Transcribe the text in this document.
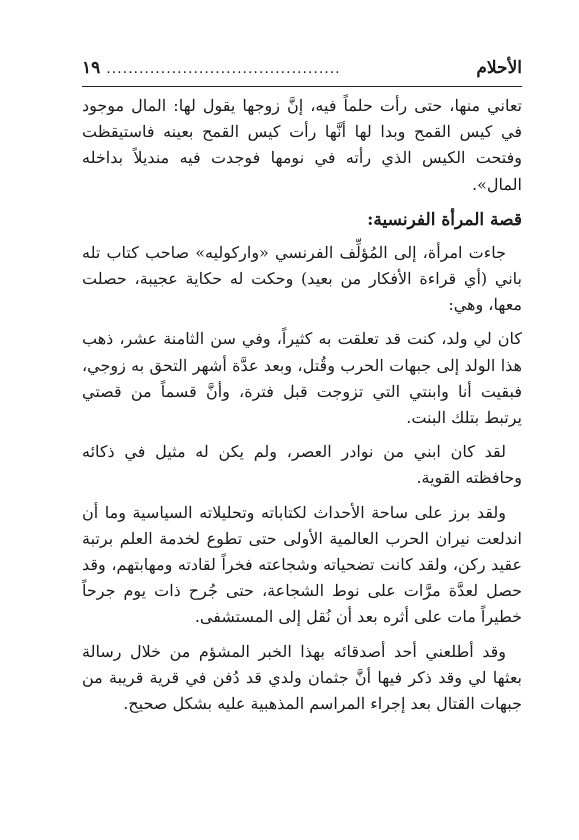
الأحلام
...........................................
١٩

تعاني منها، حتى رأت حلماً فيه، إنَّ زوجها يقول لها: المال موجود في كيس القمح وبدا لها أنَّها رأت كيس القمح بعينه فاستيقظت وفتحت الكيس الذي رأته في نومها فوجدت فيه منديلاً بداخله المال».

قصة المرأة الفرنسية:

جاءت امرأة، إلى المُؤلِّف الفرنسي «واركوليه» صاحب كتاب تله باني (أي قراءة الأفكار من بعيد) وحكت له حكاية عجيبة، حصلت معها، وهي:

كان لي ولد، كنت قد تعلقت به كثيراً، وفي سن الثامنة عشر، ذهب هذا الولد إلى جبهات الحرب وقُتل، وبعد عدَّة أشهر التحق به زوجي، فبقيت أنا وابنتي التي تزوجت قبل فترة، وأنَّ قسماً من قصتي يرتبط بتلك البنت.

لقد كان ابني من نوادر العصر، ولم يكن له مثيل في ذكائه وحافظته القوية.

ولقد برز على ساحة الأحداث لكتاباته وتحليلاته السياسية وما أن اندلعت نيران الحرب العالمية الأولى حتى تطوع لخدمة العلم برتبة عقيد ركن، ولقد كانت تضحياته وشجاعته فخراً لقادته ومهابتهم، وقد حصل لعدَّة مرَّات على نوط الشجاعة، حتى جُرح ذات يوم جرحاً خطيراً مات على أثره بعد أن نُقل إلى المستشفى.

وقد أطلعني أحد أصدقائه بهذا الخبر المشؤم من خلال رسالة بعثها لي وقد ذكر فيها أنَّ جثمان ولدي قد دُفن في قرية قريبة من جبهات القتال بعد إجراء المراسم المذهبية عليه بشكل صحيح.
